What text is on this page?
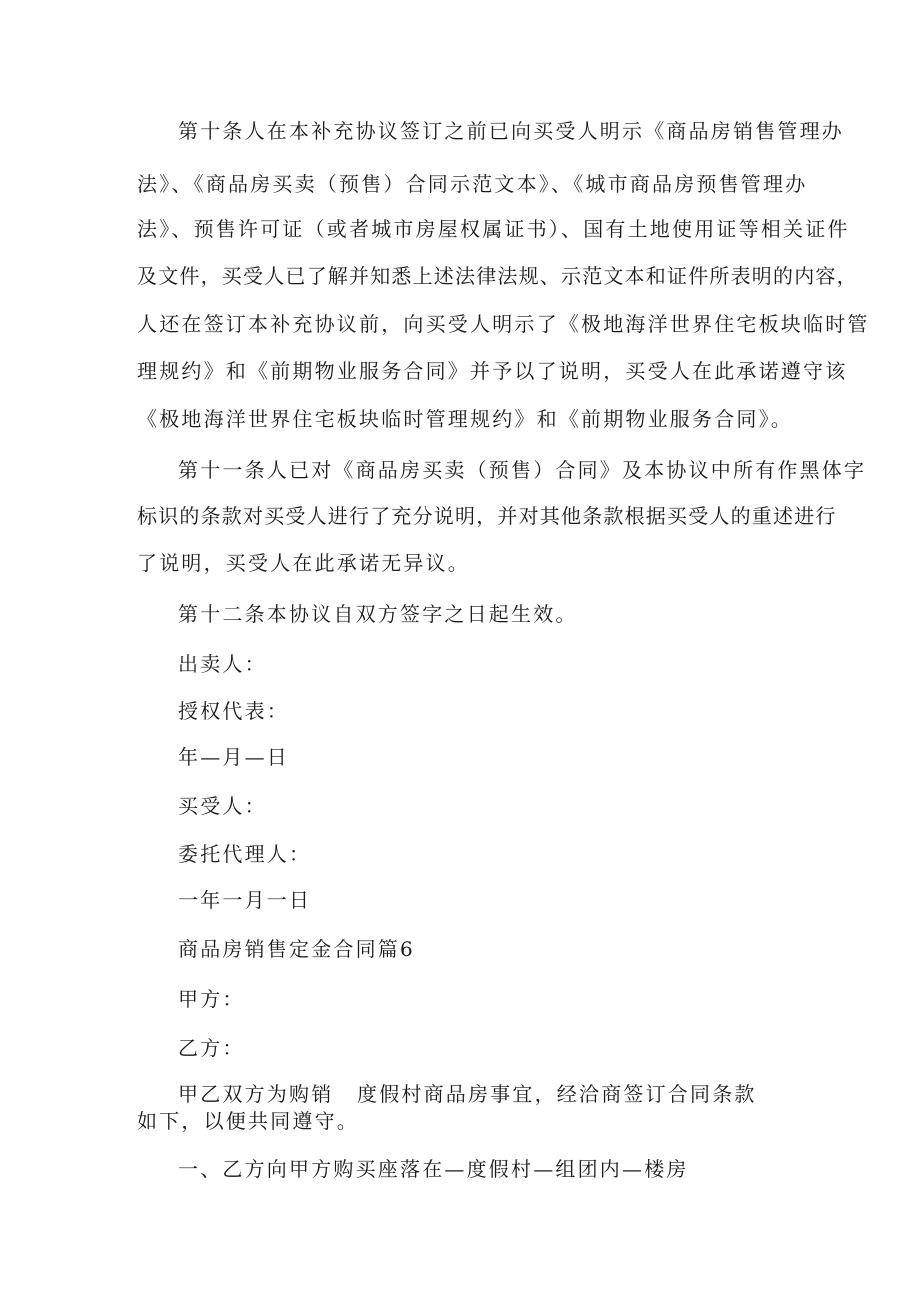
第十条人在本补充协议签订之前已向买受人明示《商品房销售管理办
法》、《商品房买卖（预售）合同示范文本》、《城市商品房预售管理办
法》、预售许可证（或者城市房屋权属证书）、国有土地使用证等相关证件
及文件，买受人已了解并知悉上述法律法规、示范文本和证件所表明的内容，
人还在签订本补充协议前，向买受人明示了《极地海洋世界住宅板块临时管
理规约》和《前期物业服务合同》并予以了说明，买受人在此承诺遵守该
《极地海洋世界住宅板块临时管理规约》和《前期物业服务合同》。
第十一条人已对《商品房买卖（预售）合同》及本协议中所有作黑体字
标识的条款对买受人进行了充分说明，并对其他条款根据买受人的重述进行
了说明，买受人在此承诺无异议。
第十二条本协议自双方签字之日起生效。
出卖人：
授权代表：
年—月—日
买受人：
委托代理人：
一年一月一日
商品房销售定金合同篇6
甲方：
乙方：
甲乙双方为购销 度假村商品房事宜，经洽商签订合同条款
如下，以便共同遵守。
一、乙方向甲方购买座落在—度假村—组团内—楼房
